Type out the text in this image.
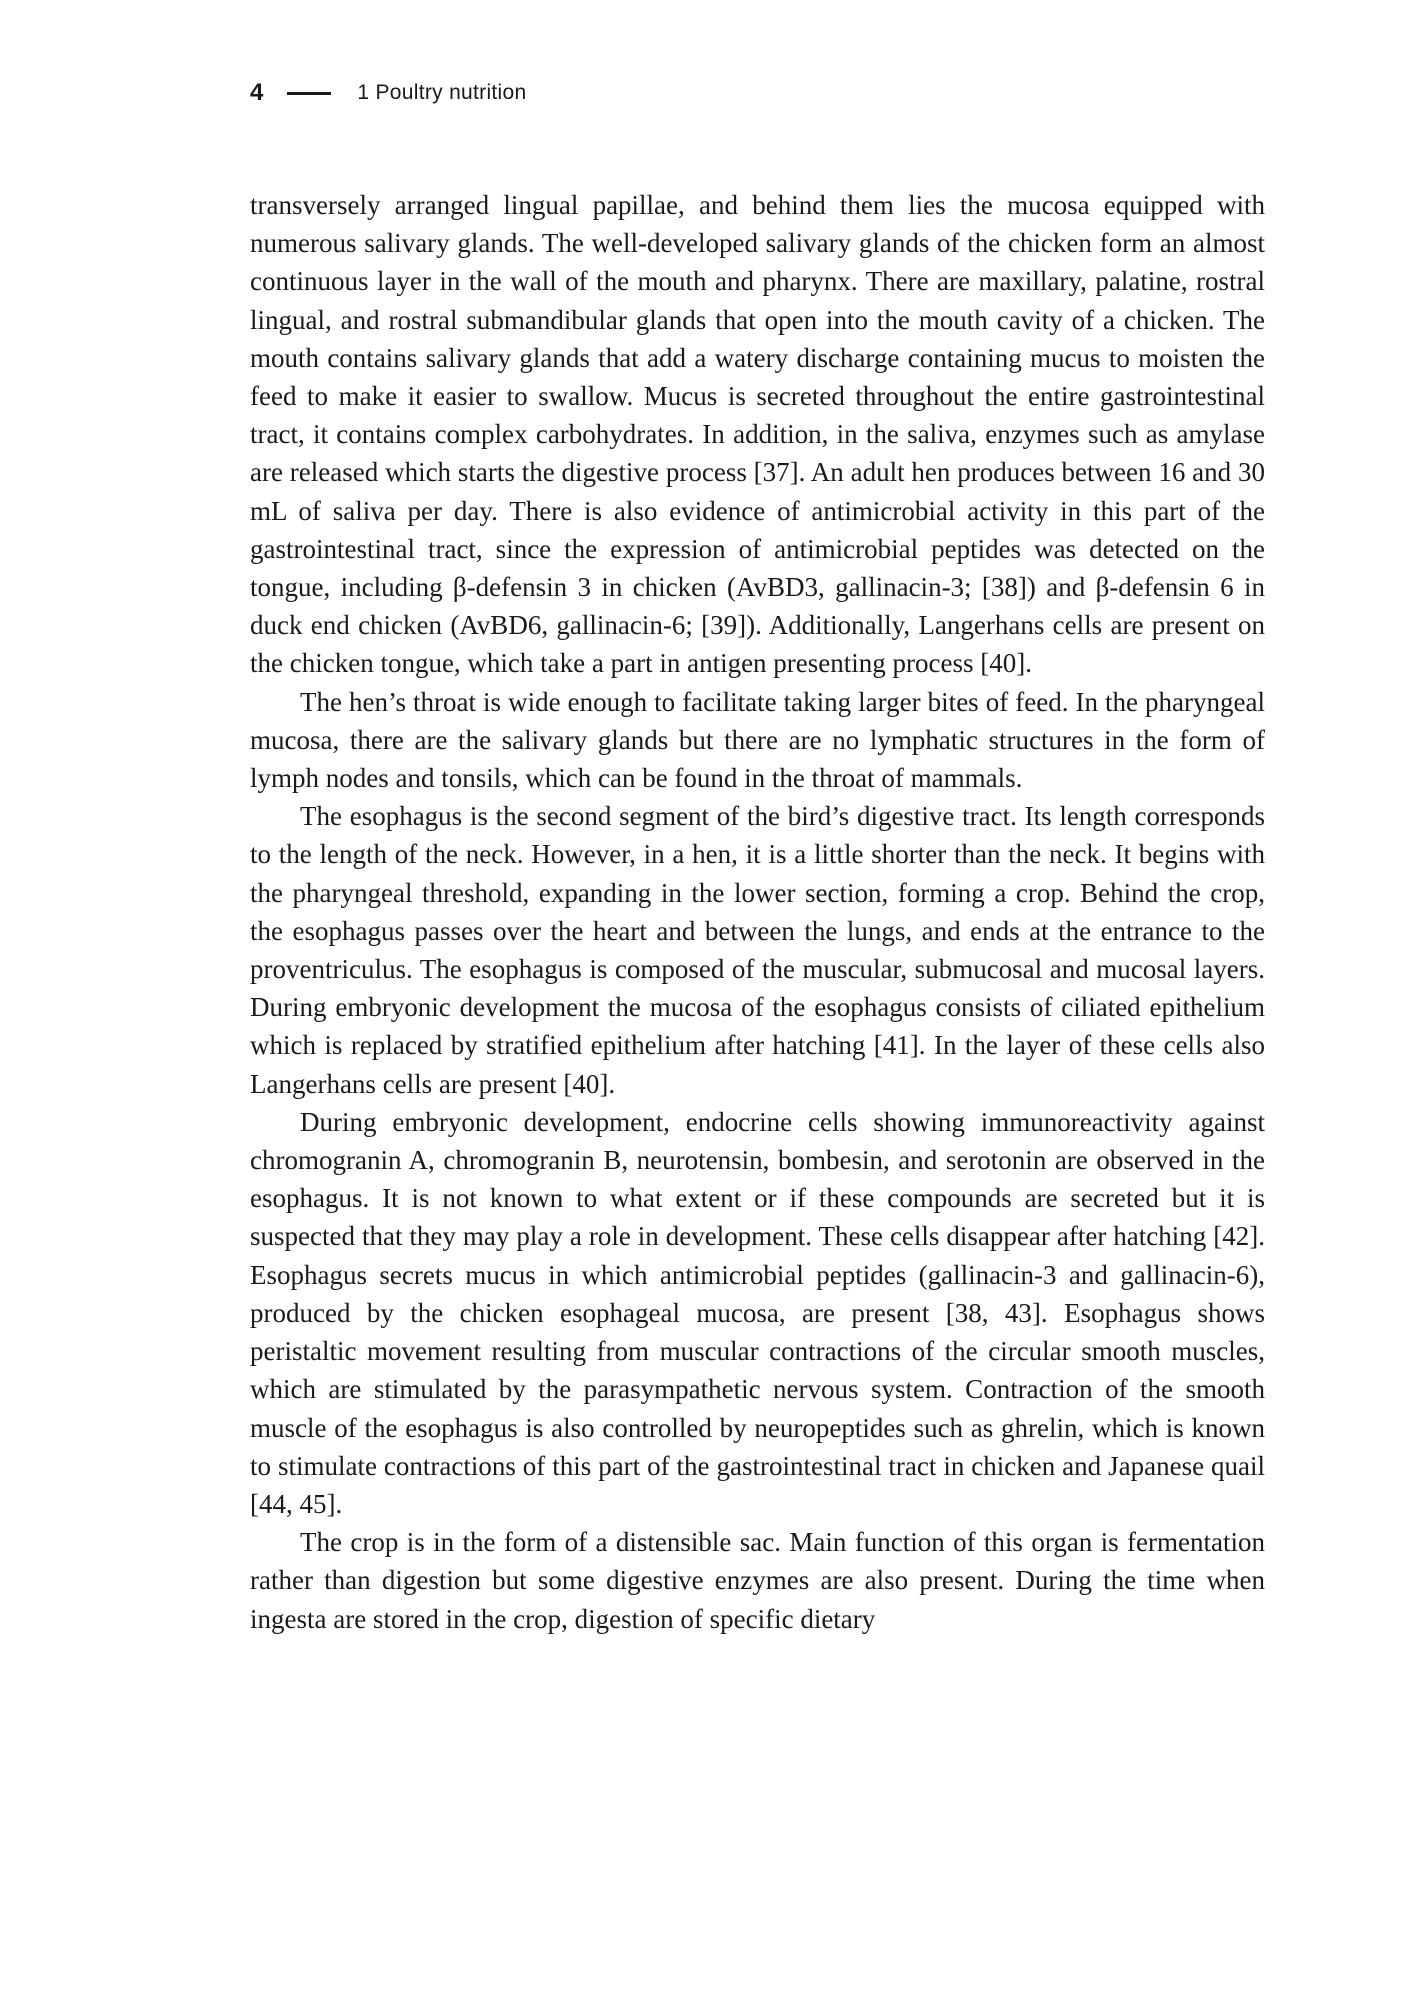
4	1 Poultry nutrition

transversely arranged lingual papillae, and behind them lies the mucosa equipped with numerous salivary glands. The well-developed salivary glands of the chicken form an almost continuous layer in the wall of the mouth and pharynx. There are maxillary, palatine, rostral lingual, and rostral submandibular glands that open into the mouth cavity of a chicken. The mouth contains salivary glands that add a watery discharge containing mucus to moisten the feed to make it easier to swallow. Mucus is secreted throughout the entire gastrointestinal tract, it contains complex carbohydrates. In addition, in the saliva, enzymes such as amylase are released which starts the digestive process [37]. An adult hen produces between 16 and 30 mL of saliva per day. There is also evidence of antimicrobial activity in this part of the gastrointestinal tract, since the expression of antimicrobial peptides was detected on the tongue, including β-defensin 3 in chicken (AvBD3, gallinacin-3; [38]) and β-defensin 6 in duck end chicken (AvBD6, gallinacin-6; [39]). Additionally, Langerhans cells are present on the chicken tongue, which take a part in antigen presenting process [40].

The hen’s throat is wide enough to facilitate taking larger bites of feed. In the pharyngeal mucosa, there are the salivary glands but there are no lymphatic structures in the form of lymph nodes and tonsils, which can be found in the throat of mammals.

The esophagus is the second segment of the bird’s digestive tract. Its length corresponds to the length of the neck. However, in a hen, it is a little shorter than the neck. It begins with the pharyngeal threshold, expanding in the lower section, forming a crop. Behind the crop, the esophagus passes over the heart and between the lungs, and ends at the entrance to the proventriculus. The esophagus is composed of the muscular, submucosal and mucosal layers. During embryonic development the mucosa of the esophagus consists of ciliated epithelium which is replaced by stratified epithelium after hatching [41]. In the layer of these cells also Langerhans cells are present [40].

During embryonic development, endocrine cells showing immunoreactivity against chromogranin A, chromogranin B, neurotensin, bombesin, and serotonin are observed in the esophagus. It is not known to what extent or if these compounds are secreted but it is suspected that they may play a role in development. These cells disappear after hatching [42]. Esophagus secrets mucus in which antimicrobial peptides (gallinacin-3 and gallinacin-6), produced by the chicken esophageal mucosa, are present [38, 43]. Esophagus shows peristaltic movement resulting from muscular contractions of the circular smooth muscles, which are stimulated by the parasympathetic nervous system. Contraction of the smooth muscle of the esophagus is also controlled by neuropeptides such as ghrelin, which is known to stimulate contractions of this part of the gastrointestinal tract in chicken and Japanese quail [44, 45].

The crop is in the form of a distensible sac. Main function of this organ is fermentation rather than digestion but some digestive enzymes are also present. During the time when ingesta are stored in the crop, digestion of specific dietary
